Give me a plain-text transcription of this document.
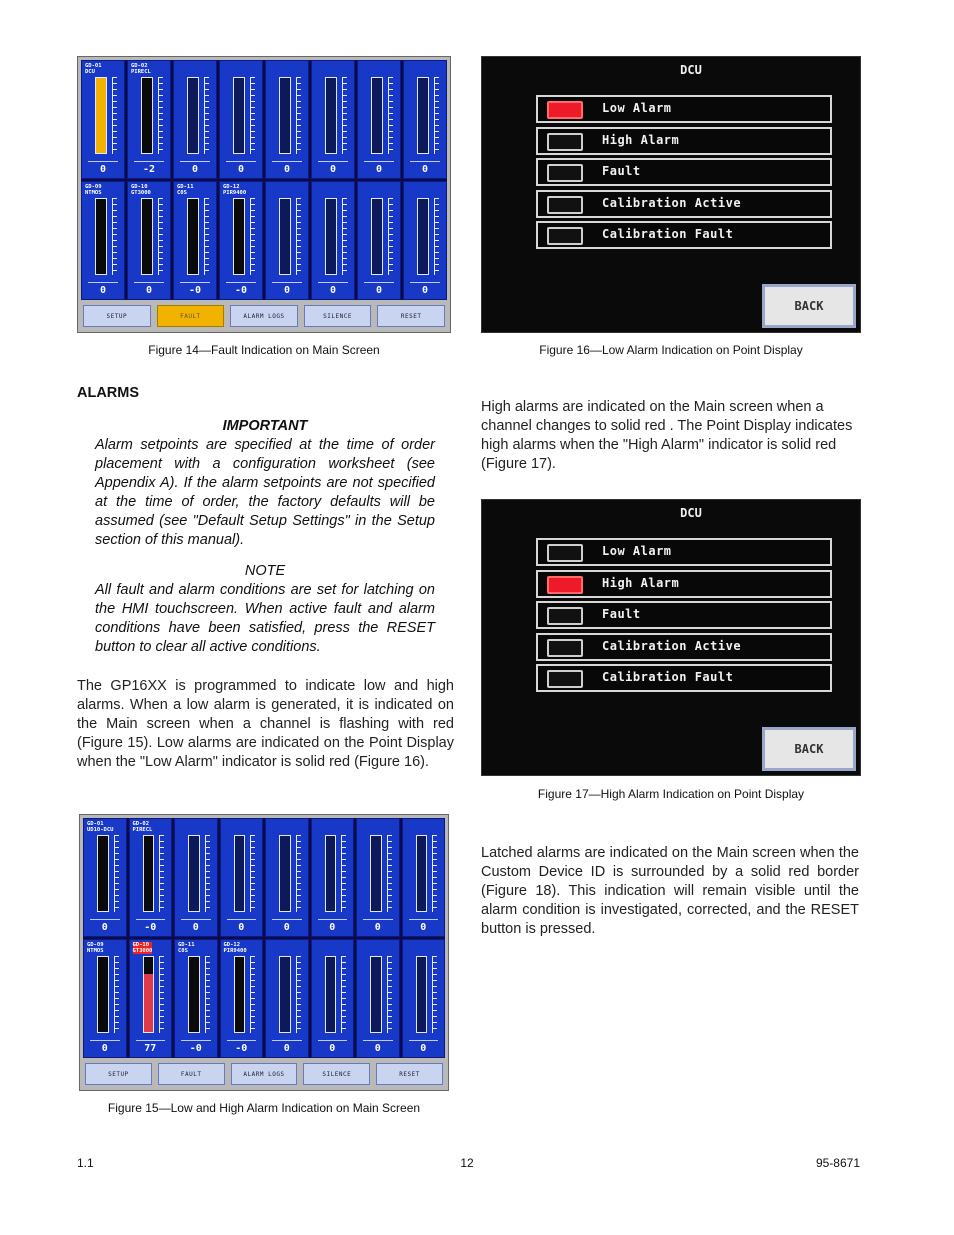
GD-01
DCU
0
GD-02
PIRECL
-2	0	0	0	0	0	0
GD-09
NTMOS
0
GD-10
GT3000
0
GD-11
C0S
-0
GD-12
PIR9400
-0	0	0	0	0
SETUP	FAULT	ALARM LOGS	SILENCE	RESET
Figure 14—Fault Indication on Main Screen
DCU
Low Alarm
High Alarm
Fault
Calibration Active
Calibration Fault
BACK
Figure 16—Low Alarm Indication on Point Display
ALARMS
IMPORTANT
Alarm setpoints are specified at the time of order placement with a configuration worksheet (see Appendix A). If the alarm setpoints are not specified at the time of order, the factory defaults will be assumed (see "Default Setup Settings" in the Setup section of this manual).
NOTE
All fault and alarm conditions are set for latching on the HMI touchscreen. When active fault and alarm conditions have been satisfied, press the RESET button to clear all active conditions.
The GP16XX is programmed to indicate low and high alarms. When a low alarm is generated, it is indicated on the Main screen when a channel is flashing with red (Figure 15). Low alarms are indicated on the Point Display when the "Low Alarm" indicator is solid red (Figure 16).
High alarms are indicated on the Main screen when a channel changes to solid red . The Point Display indicates high alarms when the "High Alarm" indicator is solid red (Figure 17).
DCU
Low Alarm
High Alarm
Fault
Calibration Active
Calibration Fault
BACK
Figure 17—High Alarm Indication on Point Display
GD-01
UD10-DCU
0
GD-02
PIRECL
-0	0	0	0	0	0	0
GD-09
NTMOS
0
GD-10
GT3000
77
GD-11
C0S
-0
GD-12
PIR9400
-0	0	0	0	0
SETUP	FAULT	ALARM LOGS	SILENCE	RESET
Figure 15—Low and High Alarm Indication on Main Screen
Latched alarms are indicated on the Main screen when the Custom Device ID is surrounded by a solid red border (Figure 18). This indication will remain visible until the alarm condition is investigated, corrected, and the RESET button is pressed.
1.1	12	95-8671
